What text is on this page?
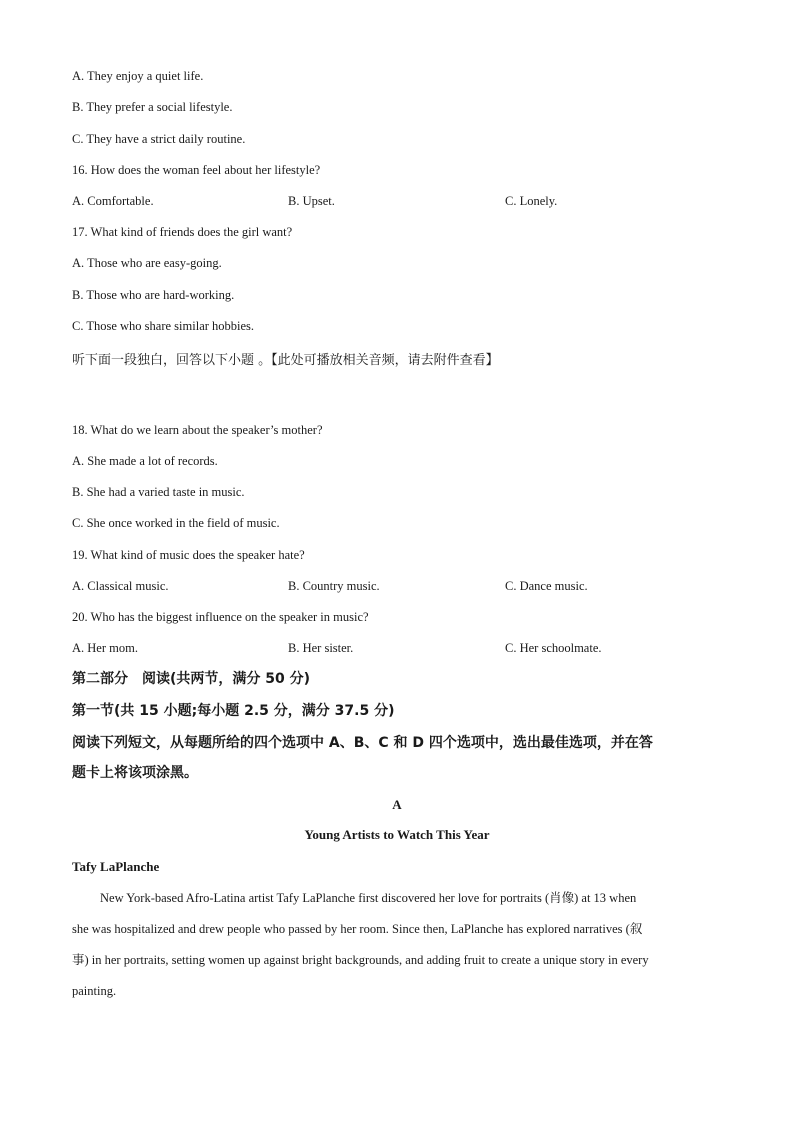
A. They enjoy a quiet life.
B. They prefer a social lifestyle.
C. They have a strict daily routine.
16. How does the woman feel about her lifestyle?
A. Comfortable.	B. Upset.	C. Lonely.
17. What kind of friends does the girl want?
A. Those who are easy-going.
B. Those who are hard-working.
C. Those who share similar hobbies.
听下面一段独白，回答以下小题 。【此处可播放相关音频，请去附件查看】
18. What do we learn about the speaker’s mother?
A. She made a lot of records.
B. She had a varied taste in music.
C. She once worked in the field of music.
19. What kind of music does the speaker hate?
A. Classical music.	B. Country music.	C. Dance music.
20. Who has the biggest influence on the speaker in music?
A. Her mom.	B. Her sister.	C. Her schoolmate.
第二部分　阅读(共两节，满分 50 分)
第一节(共 15 小题;每小题 2.5 分，满分 37.5 分)
阅读下列短文，从每题所给的四个选项中 A、B、C 和 D 四个选项中，选出最佳选项，并在答
题卡上将该项涂黑。
A
Young Artists to Watch This Year
Tafy LaPlanche
New York-based Afro-Latina artist Tafy LaPlanche first discovered her love for portraits (肖像) at 13 when
she was hospitalized and drew people who passed by her room. Since then, LaPlanche has explored narratives (叙
事) in her portraits, setting women up against bright backgrounds, and adding fruit to create a unique story in every
painting.
